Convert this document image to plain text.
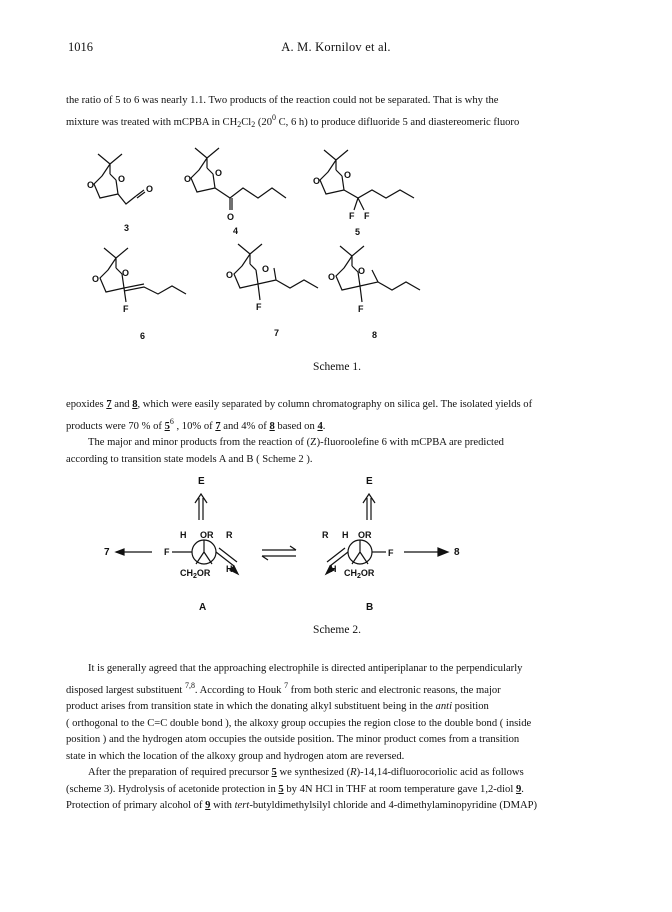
1016	A. M. Kornilov et al.

the ratio of 5 to 6 was nearly 1.1. Two products of the reaction could not be separated. That is why the

mixture was treated with mCPBA in $CH_2Cl_2$ ($20^0$ C, 6 h) to produce difluoride 5 and diastereomeric fluoro

O
O	O
3
O
O
O
4
O
O
F F
5
O
O
F
6
O
O
F
7
O
O
F
8
Scheme 1.

epoxides 7 and 8, which were easily separated by column chromatography on silica gel. The isolated yields of

products were 70 % of $5^6$ , 10% of 7 and 4% of 8 based on 4.

The major and minor products from the reaction of (Z)-fluoroolefine 6 with mCPBA are predicted

according to transition state models A and B ( Scheme 2 ).

E	E
H OR R
F
$CH_2OR$ H
A
7
R H OR
F
$CH_2OR$
H
B
8
Scheme 2.

It is generally agreed that the approaching electrophile is directed antiperiplanar to the perpendicularly

disposed largest substituent $^{7,8}$. According to Houk $^7$ from both steric and electronic reasons, the major

product arises from transition state in which the donating alkyl substituent being in the anti position

( orthogonal to the C=C double bond ), the alkoxy group occupies the region close to the double bond ( inside

position ) and the hydrogen atom occupies the outside position. The minor product comes from a transition

state in which the location of the alkoxy group and hydrogen atom are reversed.

After the preparation of required precursor 5 we synthesized (R)-14,14-difluorocoriolic acid as follows

(scheme 3). Hydrolysis of acetonide protection in 5 by 4N HCl in THF at room temperature gave 1,2-diol 9.

Protection of primary alcohol of 9 with tert-butyldimethylsilyl chloride and 4-dimethylaminopyridine (DMAP)
